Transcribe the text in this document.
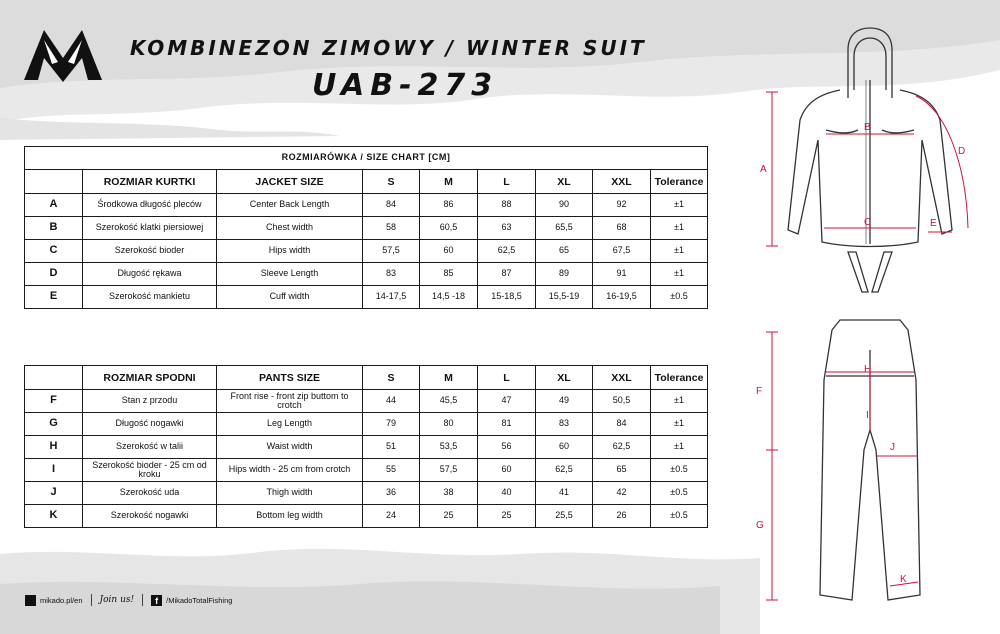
KOMBINEZON ZIMOWY / WINTER SUIT
UAB-273
ROZMIARÓWKA / SIZE CHART [CM]								
	ROZMIAR KURTKI	JACKET SIZE	S	M	L	XL	XXL	Tolerance
A	Środkowa długość pleców	Center Back Length	84	86	88	90	92	±1
B	Szerokość klatki piersiowej	Chest width	58	60,5	63	65,5	68	±1
C	Szerokość bioder	Hips width	57,5	60	62,5	65	67,5	±1
D	Długość rękawa	Sleeve Length	83	85	87	89	91	±1
E	Szerokość mankietu	Cuff width	14-17,5	14,5 -18	15-18,5	15,5-19	16-19,5	±0.5
	ROZMIAR SPODNI	PANTS SIZE	S	M	L	XL	XXL	Tolerance
F	Stan z przodu	Front rise - front zip buttom to crotch	44	45,5	47	49	50,5	±1
G	Długość nogawki	Leg Length	79	80	81	83	84	±1
H	Szerokość w talii	Waist width	51	53,5	56	60	62,5	±1
I	Szerokość bioder - 25 cm od kroku	Hips width - 25 cm from crotch	55	57,5	60	62,5	65	±0.5
J	Szerokość uda	Thigh width	36	38	40	41	42	±0.5
K	Szerokość nogawki	Bottom leg width	24	25	25	25,5	26	±0.5
mikado.pl/en Join us!	f	/MikadoTotalFishing
A
B
C
D
E
F
G
H
I
J
K
